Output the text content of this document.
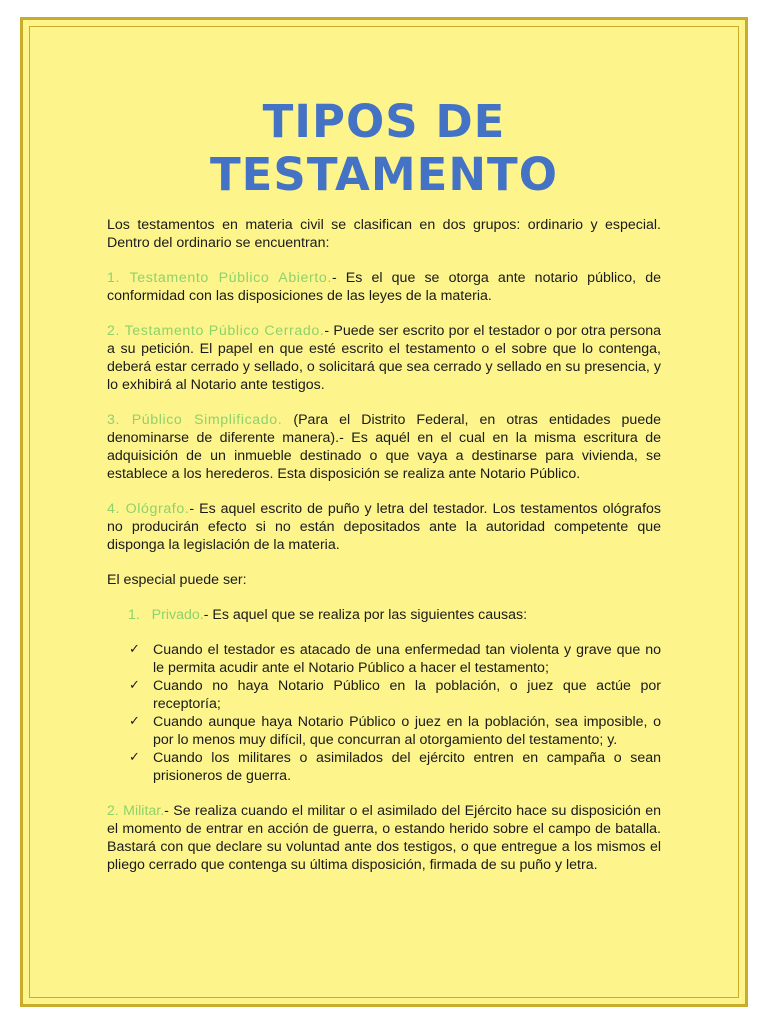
TIPOS DE
TESTAMENTO

Los testamentos en materia civil se clasifican en dos grupos: ordinario y especial. Dentro del ordinario se encuentran:

1. Testamento Público Abierto.- Es el que se otorga ante notario público, de conformidad con las disposiciones de las leyes de la materia.

2. Testamento Público Cerrado.- Puede ser escrito por el testador o por otra persona a su petición. El papel en que esté escrito el testamento o el sobre que lo contenga, deberá estar cerrado y sellado, o solicitará que sea cerrado y sellado en su presencia, y lo exhibirá al Notario ante testigos.

3. Público Simplificado. (Para el Distrito Federal, en otras entidades puede denominarse de diferente manera).- Es aquél en el cual en la misma escritura de adquisición de un inmueble destinado o que vaya a destinarse para vivienda, se establece a los herederos. Esta disposición se realiza ante Notario Público.

4. Ológrafo.- Es aquel escrito de puño y letra del testador. Los testamentos ológrafos no producirán efecto si no están depositados ante la autoridad competente que disponga la legislación de la materia.

El especial puede ser:

1.   Privado.- Es aquel que se realiza por las siguientes causas:

✓ Cuando el testador es atacado de una enfermedad tan violenta y grave que no le permita acudir ante el Notario Público a hacer el testamento;
✓ Cuando no haya Notario Público en la población, o juez que actúe por receptoría;
✓ Cuando aunque haya Notario Público o juez en la población, sea imposible, o por lo menos muy difícil, que concurran al otorgamiento del testamento; y.
✓ Cuando los militares o asimilados del ejército entren en campaña o sean prisioneros de guerra.

2. Militar.- Se realiza cuando el militar o el asimilado del Ejército hace su disposición en el momento de entrar en acción de guerra, o estando herido sobre el campo de batalla. Bastará con que declare su voluntad ante dos testigos, o que entregue a los mismos el pliego cerrado que contenga su última disposición, firmada de su puño y letra.
